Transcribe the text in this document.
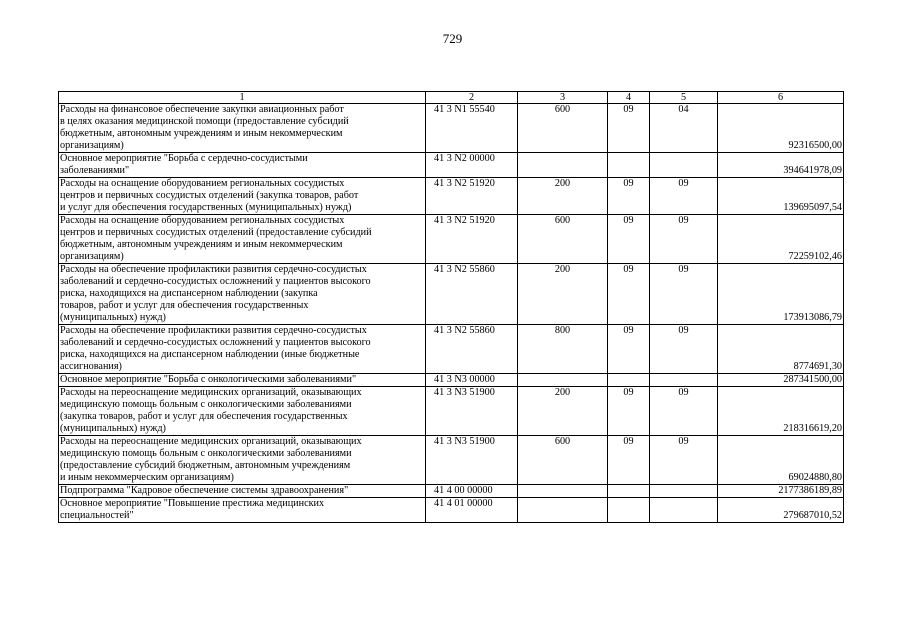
729
1	2	3	4	5	6
Расходы на финансовое обеспечение закупки авиационных работ
в целях оказания медицинской помощи (предоставление субсидий
бюджетным, автономным учреждениям и иным некоммерческим
организациям)	41 3 N1 55540	600	09	04	92316500,00
Основное мероприятие "Борьба с сердечно-сосудистыми
заболеваниями"	41 3 N2 00000				394641978,09
Расходы на оснащение оборудованием региональных сосудистых
центров и первичных сосудистых отделений (закупка товаров, работ
и услуг для обеспечения государственных (муниципальных) нужд)	41 3 N2 51920	200	09	09	139695097,54
Расходы на оснащение оборудованием региональных сосудистых
центров и первичных сосудистых отделений (предоставление субсидий
бюджетным, автономным учреждениям и иным некоммерческим
организациям)	41 3 N2 51920	600	09	09	72259102,46
Расходы на обеспечение профилактики развития сердечно-сосудистых
заболеваний и сердечно-сосудистых осложнений у пациентов высокого
риска, находящихся на диспансерном наблюдении (закупка
товаров, работ и услуг для обеспечения государственных
(муниципальных) нужд)	41 3 N2 55860	200	09	09	173913086,79
Расходы на обеспечение профилактики развития сердечно-сосудистых
заболеваний и сердечно-сосудистых осложнений у пациентов высокого
риска, находящихся на диспансерном наблюдении (иные бюджетные
ассигнования)	41 3 N2 55860	800	09	09	8774691,30
Основное мероприятие "Борьба с онкологическими заболеваниями"	41 3 N3 00000				287341500,00
Расходы на переоснащение медицинских организаций, оказывающих
медицинскую помощь больным с онкологическими заболеваниями
(закупка товаров, работ и услуг для обеспечения государственных
(муниципальных) нужд)	41 3 N3 51900	200	09	09	218316619,20
Расходы на переоснащение медицинских организаций, оказывающих
медицинскую помощь больным с онкологическими заболеваниями
(предоставление субсидий бюджетным, автономным учреждениям
и иным некоммерческим организациям)	41 3 N3 51900	600	09	09	69024880,80
Подпрограмма "Кадровое обеспечение системы здравоохранения"	41 4 00 00000				2177386189,89
Основное мероприятие "Повышение престижа медицинских
специальностей"	41 4 01 00000				279687010,52
